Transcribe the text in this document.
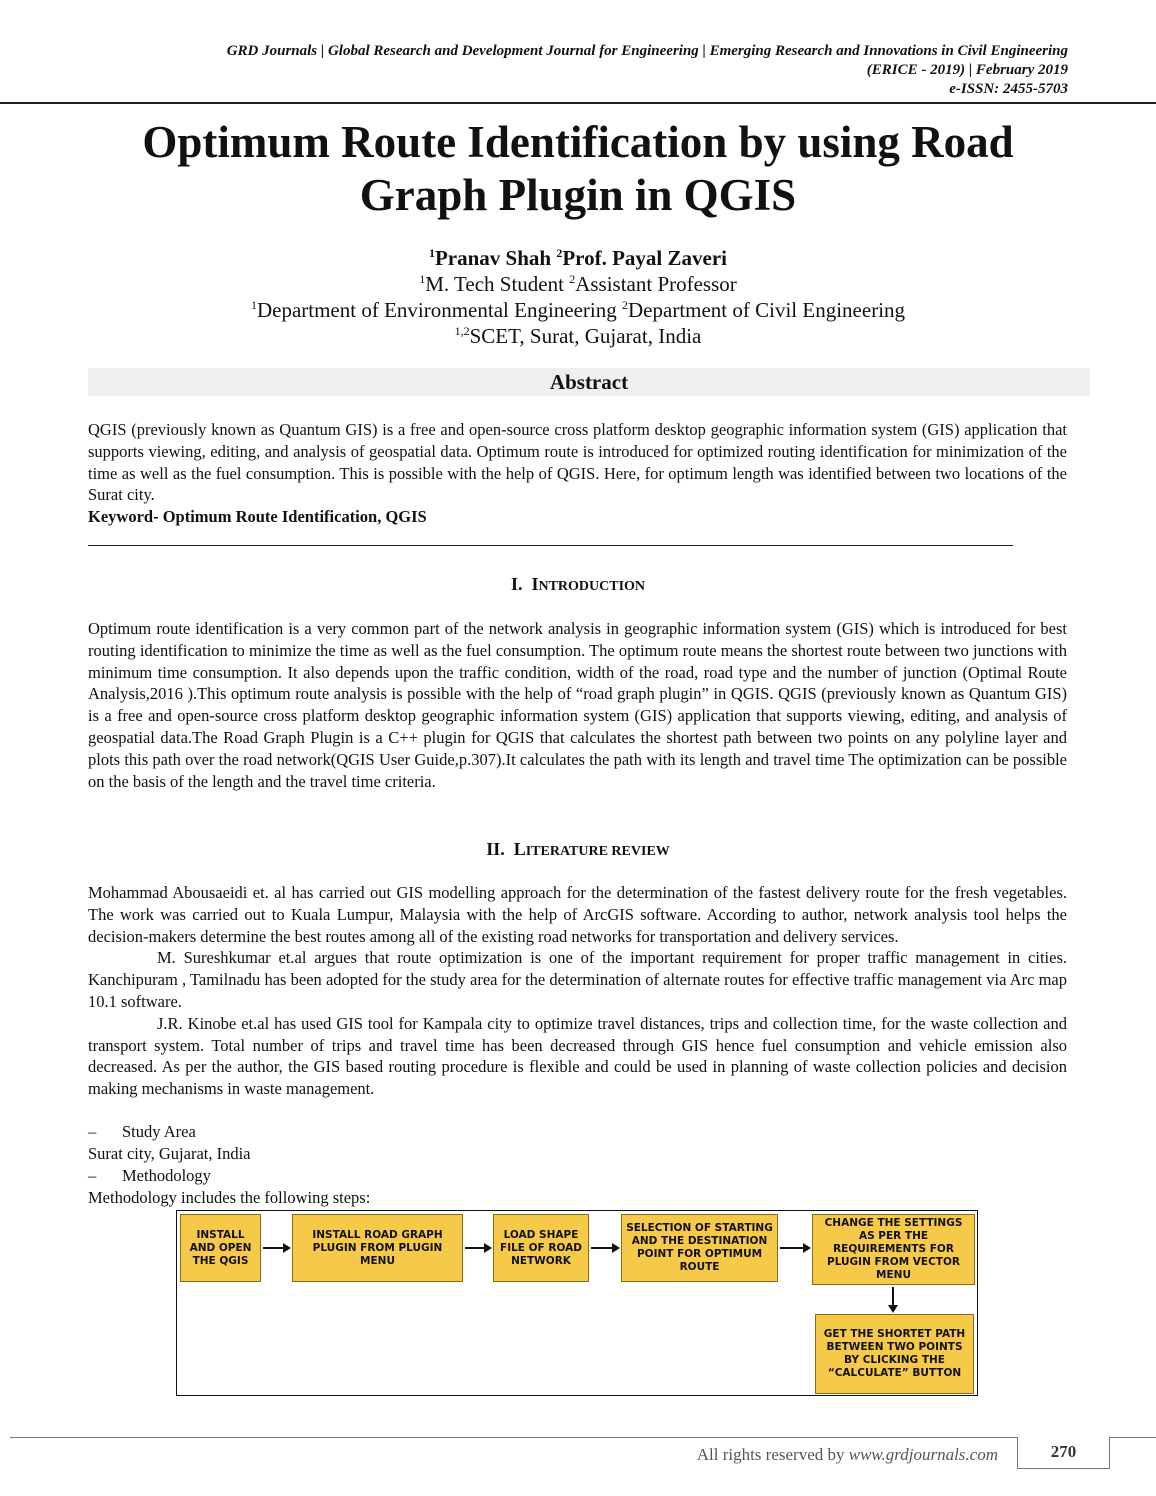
GRD Journals | Global Research and Development Journal for Engineering | Emerging Research and Innovations in Civil Engineering
(ERICE - 2019) | February 2019
e-ISSN: 2455-5703
Optimum Route Identification by using Road
Graph Plugin in QGIS
$^1$Pranav Shah $^2$Prof. Payal Zaveri
$^1$M. Tech Student $^2$Assistant Professor
$^1$Department of Environmental Engineering $^2$Department of Civil Engineering
$^{1,2}$SCET, Surat, Gujarat, India
Abstract

QGIS (previously known as Quantum GIS) is a free and open-source cross platform desktop geographic information system (GIS) application that supports viewing, editing, and analysis of geospatial data. Optimum route is introduced for optimized routing identification for minimization of the time as well as the fuel consumption. This is possible with the help of QGIS. Here, for optimum length was identified between two locations of the Surat city.

Keyword- Optimum Route Identification, QGIS

I. INTRODUCTION

Optimum route identification is a very common part of the network analysis in geographic information system (GIS) which is introduced for best routing identification to minimize the time as well as the fuel consumption. The optimum route means the shortest route between two junctions with minimum time consumption. It also depends upon the traffic condition, width of the road, road type and the number of junction (Optimal Route Analysis,2016 ).This optimum route analysis is possible with the help of “road graph plugin” in QGIS. QGIS (previously known as Quantum GIS) is a free and open-source cross platform desktop geographic information system (GIS) application that supports viewing, editing, and analysis of geospatial data.The Road Graph Plugin is a C++ plugin for QGIS that calculates the shortest path between two points on any polyline layer and plots this path over the road network(QGIS User Guide,p.307).It calculates the path with its length and travel time The optimization can be possible on the basis of the length and the travel time criteria.

II. LITERATURE REVIEW

Mohammad Abousaeidi et. al has carried out GIS modelling approach for the determination of the fastest delivery route for the fresh vegetables. The work was carried out to Kuala Lumpur, Malaysia with the help of ArcGIS software. According to author, network analysis tool helps the decision-makers determine the best routes among all of the existing road networks for transportation and delivery services.

M. Sureshkumar et.al argues that route optimization is one of the important requirement for proper traffic management in cities. Kanchipuram , Tamilnadu has been adopted for the study area for the determination of alternate routes for effective traffic management via Arc map 10.1 software.

J.R. Kinobe et.al has used GIS tool for Kampala city to optimize travel distances, trips and collection time, for the waste collection and transport system. Total number of trips and travel time has been decreased through GIS hence fuel consumption and vehicle emission also decreased. As per the author, the GIS based routing procedure is flexible and could be used in planning of waste collection policies and decision making mechanisms in waste management.

– Study Area
Surat city, Gujarat, India
– Methodology
Methodology includes the following steps:
INSTALL AND OPEN THE QGIS
INSTALL ROAD GRAPH PLUGIN FROM PLUGIN MENU
LOAD SHAPE FILE OF ROAD NETWORK
SELECTION OF STARTING AND THE DESTINATION POINT FOR OPTIMUM ROUTE
CHANGE THE SETTINGS AS PER THE REQUIREMENTS FOR PLUGIN FROM VECTOR MENU
GET THE SHORTET PATH BETWEEN TWO POINTS BY CLICKING THE “CALCULATE” BUTTON
All rights reserved by www.grdjournals.com	270
